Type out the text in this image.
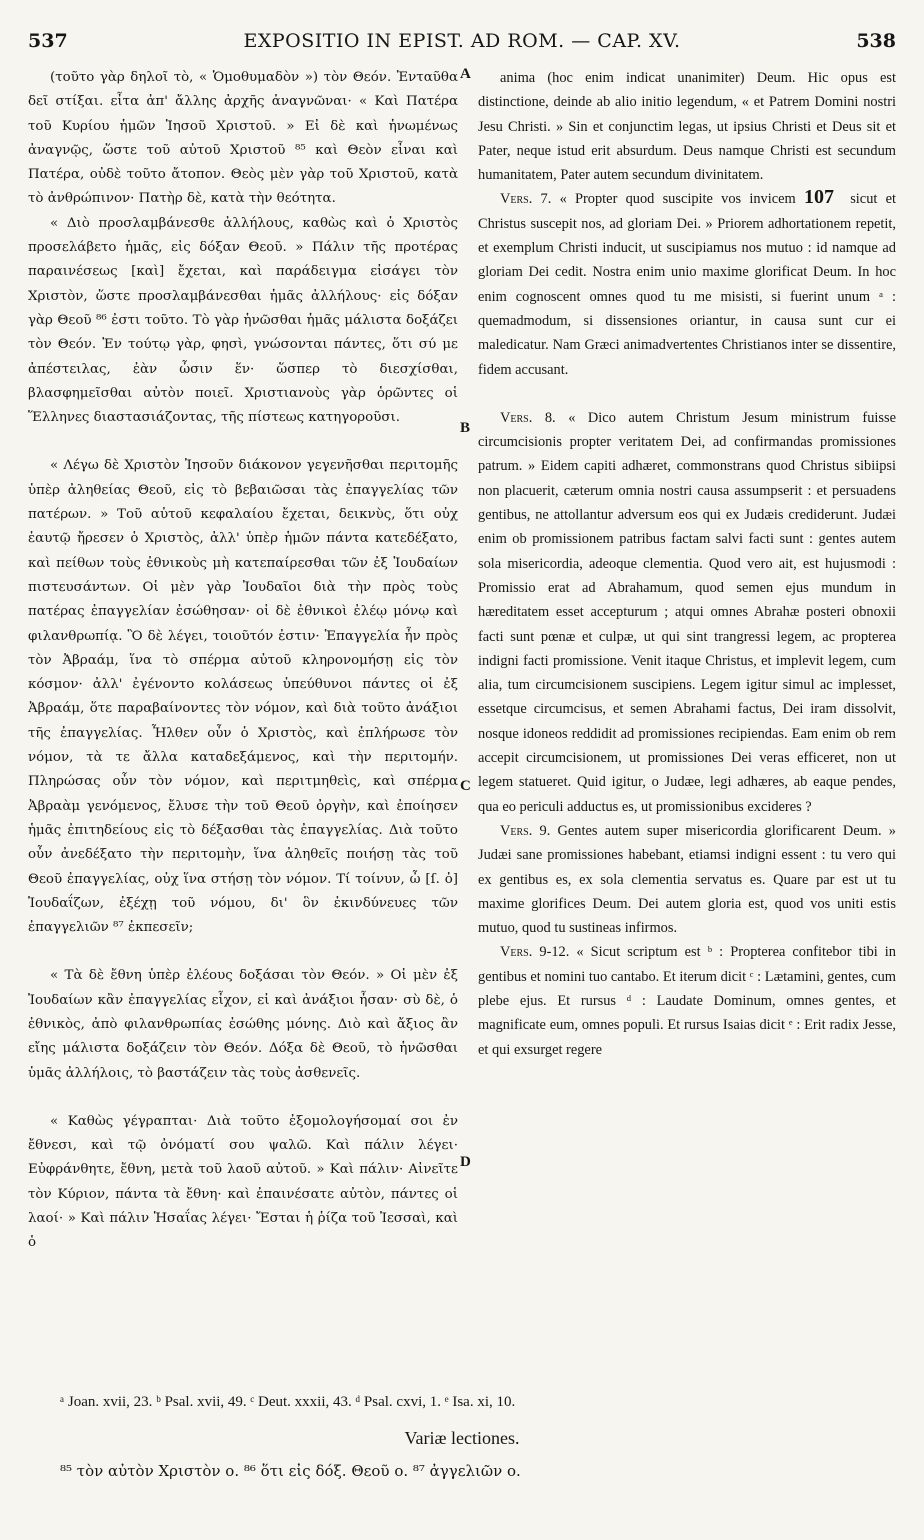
537	EXPOSITIO IN EPIST. AD ROM. — CAP. XV.	538

(τοῦτο γὰρ δηλοῖ τὸ, « Ὁμοθυμαδὸν ») τὸν Θεόν. Ἐνταῦθα δεῖ στίξαι. εἶτα ἀπ' ἄλλης ἀρχῆς ἀναγνῶναι· « Καὶ Πατέρα τοῦ Κυρίου ἡμῶν Ἰησοῦ Χριστοῦ. » Εἰ δὲ καὶ ἡνωμένως ἀναγνῷς, ὥστε τοῦ αὐτοῦ Χριστοῦ ⁸⁵ καὶ Θεὸν εἶναι καὶ Πατέρα, οὐδὲ τοῦτο ἄτοπον. Θεὸς μὲν γὰρ τοῦ Χριστοῦ, κατὰ τὸ ἀνθρώπινον· Πατὴρ δὲ, κατὰ τὴν θεότητα.

« Διὸ προσλαμβάνεσθε ἀλλήλους, καθὼς καὶ ὁ Χριστὸς προσελάβετο ἡμᾶς, εἰς δόξαν Θεοῦ. » Πάλιν τῆς προτέρας παραινέσεως [καὶ] ἔχεται, καὶ παράδειγμα εἰσάγει τὸν Χριστὸν, ὥστε προσλαμβάνεσθαι ἡμᾶς ἀλλήλους· εἰς δόξαν γὰρ Θεοῦ ⁸⁶ ἐστι τοῦτο. Τὸ γὰρ ἡνῶσθαι ἡμᾶς μάλιστα δοξάζει τὸν Θεόν. Ἐν τούτῳ γὰρ, φησὶ, γνώσονται πάντες, ὅτι σύ με ἀπέστειλας, ἐὰν ὦσιν ἕν· ὥσπερ τὸ διεσχίσθαι, βλασφημεῖσθαι αὐτὸν ποιεῖ. Χριστιανοὺς γὰρ ὁρῶντες οἱ Ἕλληνες διαστασιάζοντας, τῆς πίστεως κατηγοροῦσι.

« Λέγω δὲ Χριστὸν Ἰησοῦν διάκονον γεγενῆσθαι περιτομῆς ὑπὲρ ἀληθείας Θεοῦ, εἰς τὸ βεβαιῶσαι τὰς ἐπαγγελίας τῶν πατέρων. » Τοῦ αὐτοῦ κεφαλαίου ἔχεται, δεικνὺς, ὅτι οὐχ ἑαυτῷ ἤρεσεν ὁ Χριστὸς, ἀλλ' ὑπὲρ ἡμῶν πάντα κατεδέξατο, καὶ πείθων τοὺς ἐθνικοὺς μὴ κατεπαίρεσθαι τῶν ἐξ Ἰουδαίων πιστευσάντων. Οἱ μὲν γὰρ Ἰουδαῖοι διὰ τὴν πρὸς τοὺς πατέρας ἐπαγγελίαν ἐσώθησαν· οἱ δὲ ἐθνικοὶ ἐλέῳ μόνῳ καὶ φιλανθρωπίᾳ. Ὃ δὲ λέγει, τοιοῦτόν ἐστιν· Ἐπαγγελία ἦν πρὸς τὸν Ἀβραάμ, ἵνα τὸ σπέρμα αὐτοῦ κληρονομήσῃ εἰς τὸν κόσμον· ἀλλ' ἐγένοντο κολάσεως ὑπεύθυνοι πάντες οἱ ἐξ Ἀβραάμ, ὅτε παραβαίνοντες τὸν νόμον, καὶ διὰ τοῦτο ἀνάξιοι τῆς ἐπαγγελίας. Ἦλθεν οὖν ὁ Χριστὸς, καὶ ἐπλήρωσε τὸν νόμον, τὰ τε ἄλλα καταδεξάμενος, καὶ τὴν περιτομήν. Πληρώσας οὖν τὸν νόμον, καὶ περιτμηθεὶς, καὶ σπέρμα Ἀβραὰμ γενόμενος, ἔλυσε τὴν τοῦ Θεοῦ ὀργὴν, καὶ ἐποίησεν ἡμᾶς ἐπιτηδείους εἰς τὸ δέξασθαι τὰς ἐπαγγελίας. Διὰ τοῦτο οὖν ἀνεδέξατο τὴν περιτομὴν, ἵνα ἀληθεῖς ποιήσῃ τὰς τοῦ Θεοῦ ἐπαγγελίας, οὐχ ἵνα στήσῃ τὸν νόμον. Τί τοίνυν, ὦ [ſ. ὁ] Ἰουδαΐζων, ἐξέχῃ τοῦ νόμου, δι' ὃν ἐκινδύνευες τῶν ἐπαγγελιῶν ⁸⁷ ἐκπεσεῖν;

« Τὰ δὲ ἔθνη ὑπὲρ ἐλέους δοξάσαι τὸν Θεόν. » Οἱ μὲν ἐξ Ἰουδαίων κἂν ἐπαγγελίας εἶχον, εἰ καὶ ἀνάξιοι ἦσαν· σὺ δὲ, ὁ ἐθνικὸς, ἀπὸ φιλανθρωπίας ἐσώθης μόνης. Διὸ καὶ ἄξιος ἂν εἴης μάλιστα δοξάζειν τὸν Θεόν. Δόξα δὲ Θεοῦ, τὸ ἡνῶσθαι ὑμᾶς ἀλλήλοις, τὸ βαστάζειν τὰς τοὺς ἀσθενεῖς.

« Καθὼς γέγραπται· Διὰ τοῦτο ἐξομολογήσομαί σοι ἐν ἔθνεσι, καὶ τῷ ὀνόματί σου ψαλῶ. Καὶ πάλιν λέγει· Εὐφράνθητε, ἔθνη, μετὰ τοῦ λαοῦ αὐτοῦ. » Καὶ πάλιν· Αἰνεῖτε τὸν Κύριον, πάντα τὰ ἔθνη· καὶ ἐπαινέσατε αὐτὸν, πάντες οἱ λαοί· » Καὶ πάλιν Ἡσαΐας λέγει· Ἔσται ἡ ῥίζα τοῦ Ἰεσσαὶ, καὶ ὁ

A
B
C
D

anima (hoc enim indicat unanimiter) Deum. Hic opus est distinctione, deinde ab alio initio legendum, « et Patrem Domini nostri Jesu Christi. » Sin et conjunctim legas, ut ipsius Christi et Deus sit et Pater, neque istud erit absurdum. Deus namque Christi est secundum humanitatem, Pater autem secundum divinitatem.

Vers. 7. « Propter quod suscipite vos invicem 107 sicut et Christus suscepit nos, ad gloriam Dei. » Priorem adhortationem repetit, et exemplum Christi inducit, ut suscipiamus nos mutuo : id namque ad gloriam Dei cedit. Nostra enim unio maxime glorificat Deum. In hoc enim cognoscent omnes quod tu me misisti, si fuerint unum ᵃ : quemadmodum, si dissensiones oriantur, in causa sunt cur ei maledicatur. Nam Græci animadvertentes Christianos inter se dissentire, fidem accusant.

Vers. 8. « Dico autem Christum Jesum ministrum fuisse circumcisionis propter veritatem Dei, ad confirmandas promissiones patrum. » Eidem capiti adhæret, commonstrans quod Christus sibiipsi non placuerit, cæterum omnia nostri causa assumpserit : et persuadens gentibus, ne attollantur adversum eos qui ex Judæis crediderunt. Judæi enim ob promissionem patribus factam salvi facti sunt : gentes autem sola misericordia, adeoque clementia. Quod vero ait, est hujusmodi : Promissio erat ad Abrahamum, quod semen ejus mundum in hæreditatem esset accepturum ; atqui omnes Abrahæ posteri obnoxii facti sunt pœnæ et culpæ, ut qui sint trangressi legem, ac propterea indigni facti promissione. Venit itaque Christus, et implevit legem, cum alia, tum circumcisionem suscipiens. Legem igitur simul ac implesset, essetque circumcisus, et semen Abrahami factus, Dei iram dissolvit, nosque idoneos reddidit ad promissiones recipiendas. Eam enim ob rem accepit circumcisionem, ut promissiones Dei veras efficeret, non ut legem statueret. Quid igitur, o Judæe, legi adhæres, ab eaque pendes, qua eo periculi adductus es, ut promissionibus excideres ?

Vers. 9. Gentes autem super misericordia glorificarent Deum. » Judæi sane promissiones habebant, etiamsi indigni essent : tu vero qui ex gentibus es, ex sola clementia servatus es. Quare par est ut tu maxime glorifices Deum. Dei autem gloria est, quod vos uniti estis mutuo, quod tu sustineas infirmos.

Vers. 9-12. « Sicut scriptum est ᵇ : Propterea confitebor tibi in gentibus et nomini tuo cantabo. Et iterum dicit ᶜ : Lætamini, gentes, cum plebe ejus. Et rursus ᵈ : Laudate Dominum, omnes gentes, et magnificate eum, omnes populi. Et rursus Isaias dicit ᵉ : Erit radix Jesse, et qui exsurget regere

ᵃ Joan. xvii, 23. ᵇ Psal. xvii, 49. ᶜ Deut. xxxii, 43. ᵈ Psal. cxvi, 1. ᵉ Isa. xi, 10.
Variæ lectiones.
⁸⁵ τὸν αὐτὸν Χριστὸν ο. ⁸⁶ ὅτι εἰς δόξ. Θεοῦ ο. ⁸⁷ ἀγγελιῶν ο.
